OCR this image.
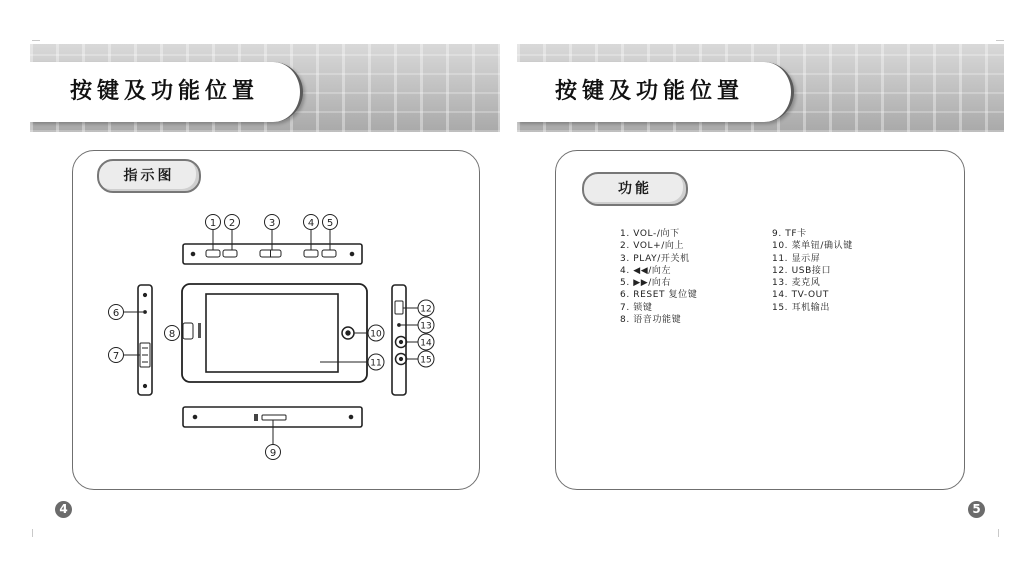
按键及功能位置
指示图
1 2	3	4 5
6
7
8
9
10
11
12
13
14
15
4
按键及功能位置
功能
5
1. VOL-/向下
2. VOL+/向上
3. PLAY/开关机
4. ◀◀/向左
5. ▶▶/向右
6. RESET 复位键
7. 锁键
8. 语音功能键
9. TF卡
10. 菜单钮/确认键
11. 显示屏
12. USB接口
13. 麦克风
14. TV-OUT
15. 耳机输出
